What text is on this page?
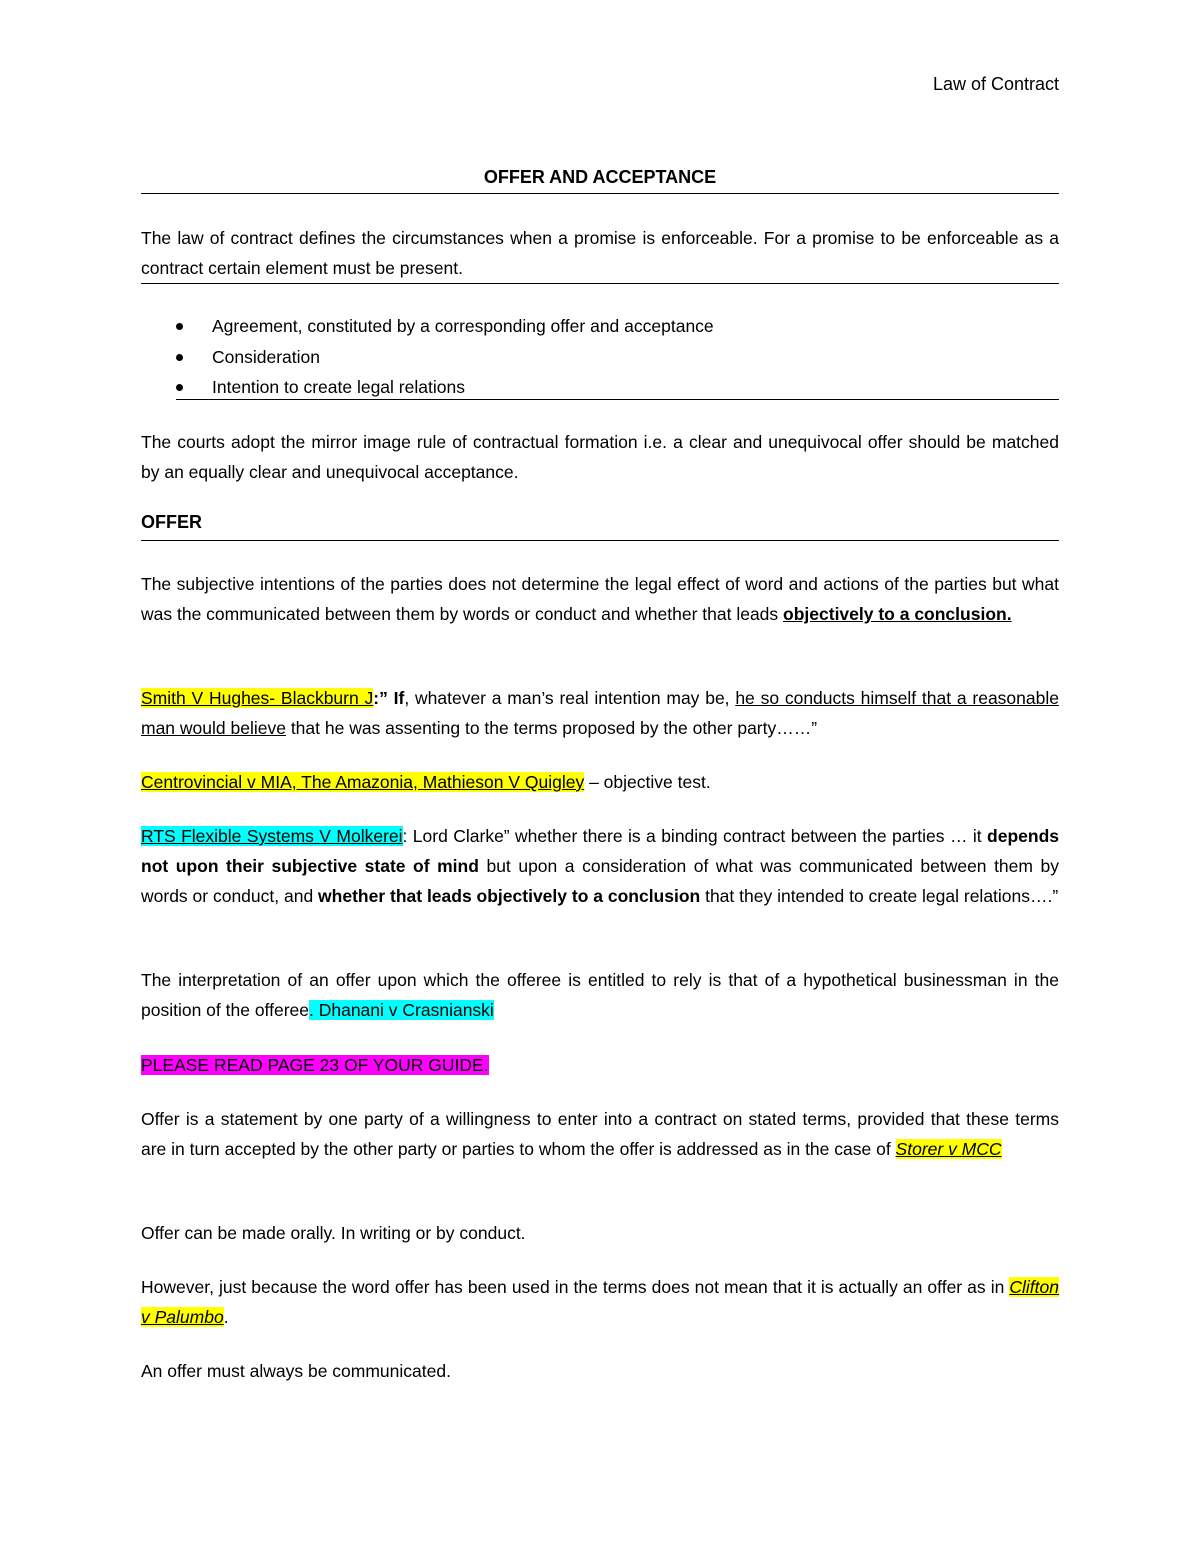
Law of Contract
OFFER AND ACCEPTANCE
The law of contract defines the circumstances when a promise is enforceable. For a promise to be enforceable as a contract certain element must be present.
Agreement, constituted by a corresponding offer and acceptance
Consideration
Intention to create legal relations
The courts adopt the mirror image rule of contractual formation i.e. a clear and unequivocal offer should be matched by an equally clear and unequivocal acceptance.
OFFER
The subjective intentions of the parties does not determine the legal effect of word and actions of the parties but what was the communicated between them by words or conduct and whether that leads objectively to a conclusion.
Smith V Hughes- Blackburn J:” If, whatever a man’s real intention may be, he so conducts himself that a reasonable man would believe that he was assenting to the terms proposed by the other party……”
Centrovincial v MIA, The Amazonia, Mathieson V Quigley – objective test.
RTS Flexible Systems V Molkerei: Lord Clarke” whether there is a binding contract between the parties … it depends not upon their subjective state of mind but upon a consideration of what was communicated between them by words or conduct, and whether that leads objectively to a conclusion that they intended to create legal relations….”
The interpretation of an offer upon which the offeree is entitled to rely is that of a hypothetical businessman in the position of the offeree. Dhanani v Crasnianski
PLEASE READ PAGE 23 OF YOUR GUIDE.
Offer is a statement by one party of a willingness to enter into a contract on stated terms, provided that these terms are in turn accepted by the other party or parties to whom the offer is addressed as in the case of Storer v MCC
Offer can be made orally. In writing or by conduct.
However, just because the word offer has been used in the terms does not mean that it is actually an offer as in Clifton v Palumbo.
An offer must always be communicated.
